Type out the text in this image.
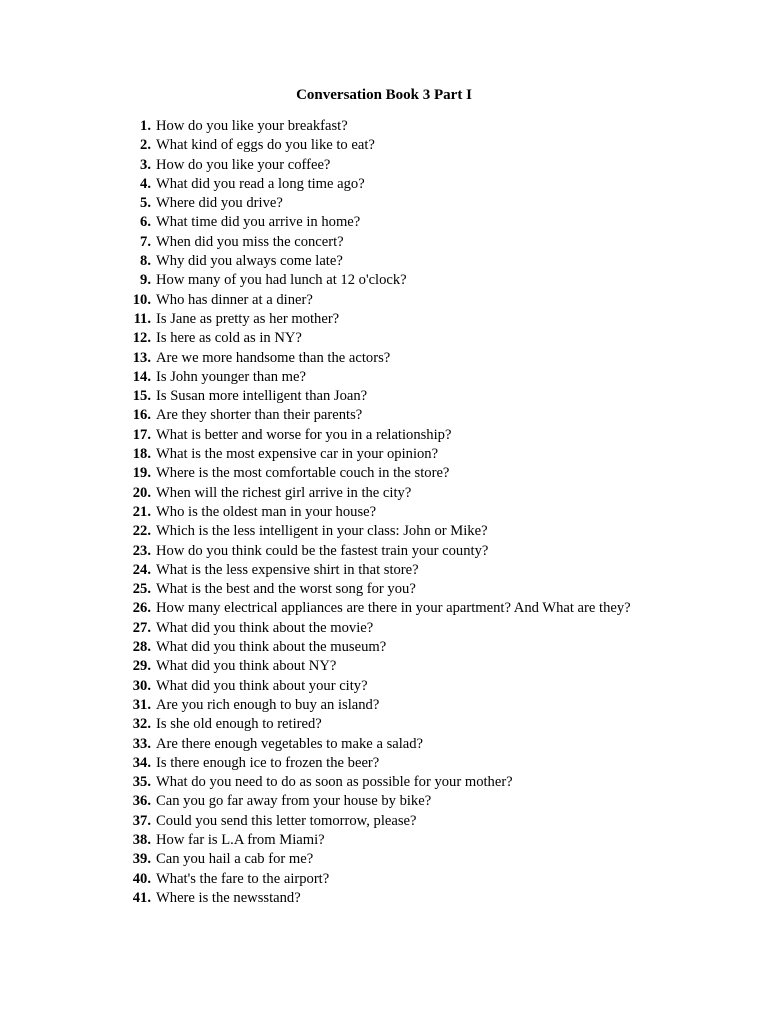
Conversation Book 3 Part I
1. How do you like your breakfast?
2. What kind of eggs do you like to eat?
3. How do you like your coffee?
4. What did you read a long time ago?
5. Where did you drive?
6. What time did you arrive in home?
7. When did you miss the concert?
8. Why did you always come late?
9. How many of you had lunch at 12 o'clock?
10. Who has dinner at a diner?
11. Is Jane as pretty as her mother?
12. Is here as cold as in NY?
13. Are we more handsome than the actors?
14. Is John younger than me?
15. Is Susan more intelligent than Joan?
16. Are they shorter than their parents?
17. What is better and worse for you in a relationship?
18. What is the most expensive car in your opinion?
19. Where is the most comfortable couch in the store?
20. When will the richest girl arrive in the city?
21. Who is the oldest man in your house?
22. Which is the less intelligent in your class: John or Mike?
23. How do you think could be the fastest train your county?
24. What is the less expensive shirt in that store?
25. What is the best and the worst song for you?
26. How many electrical appliances are there in your apartment? And What are they?
27. What did you think about the movie?
28. What did you think about the museum?
29. What did you think about NY?
30. What did you think about your city?
31. Are you rich enough to buy an island?
32. Is she old enough to retired?
33. Are there enough vegetables to make a salad?
34. Is there enough ice to frozen the beer?
35. What do you need to do as soon as possible for your mother?
36. Can you go far away from your house by bike?
37. Could you send this letter tomorrow, please?
38. How far is L.A from Miami?
39. Can you hail a cab for me?
40. What's the fare to the airport?
41. Where is the newsstand?
